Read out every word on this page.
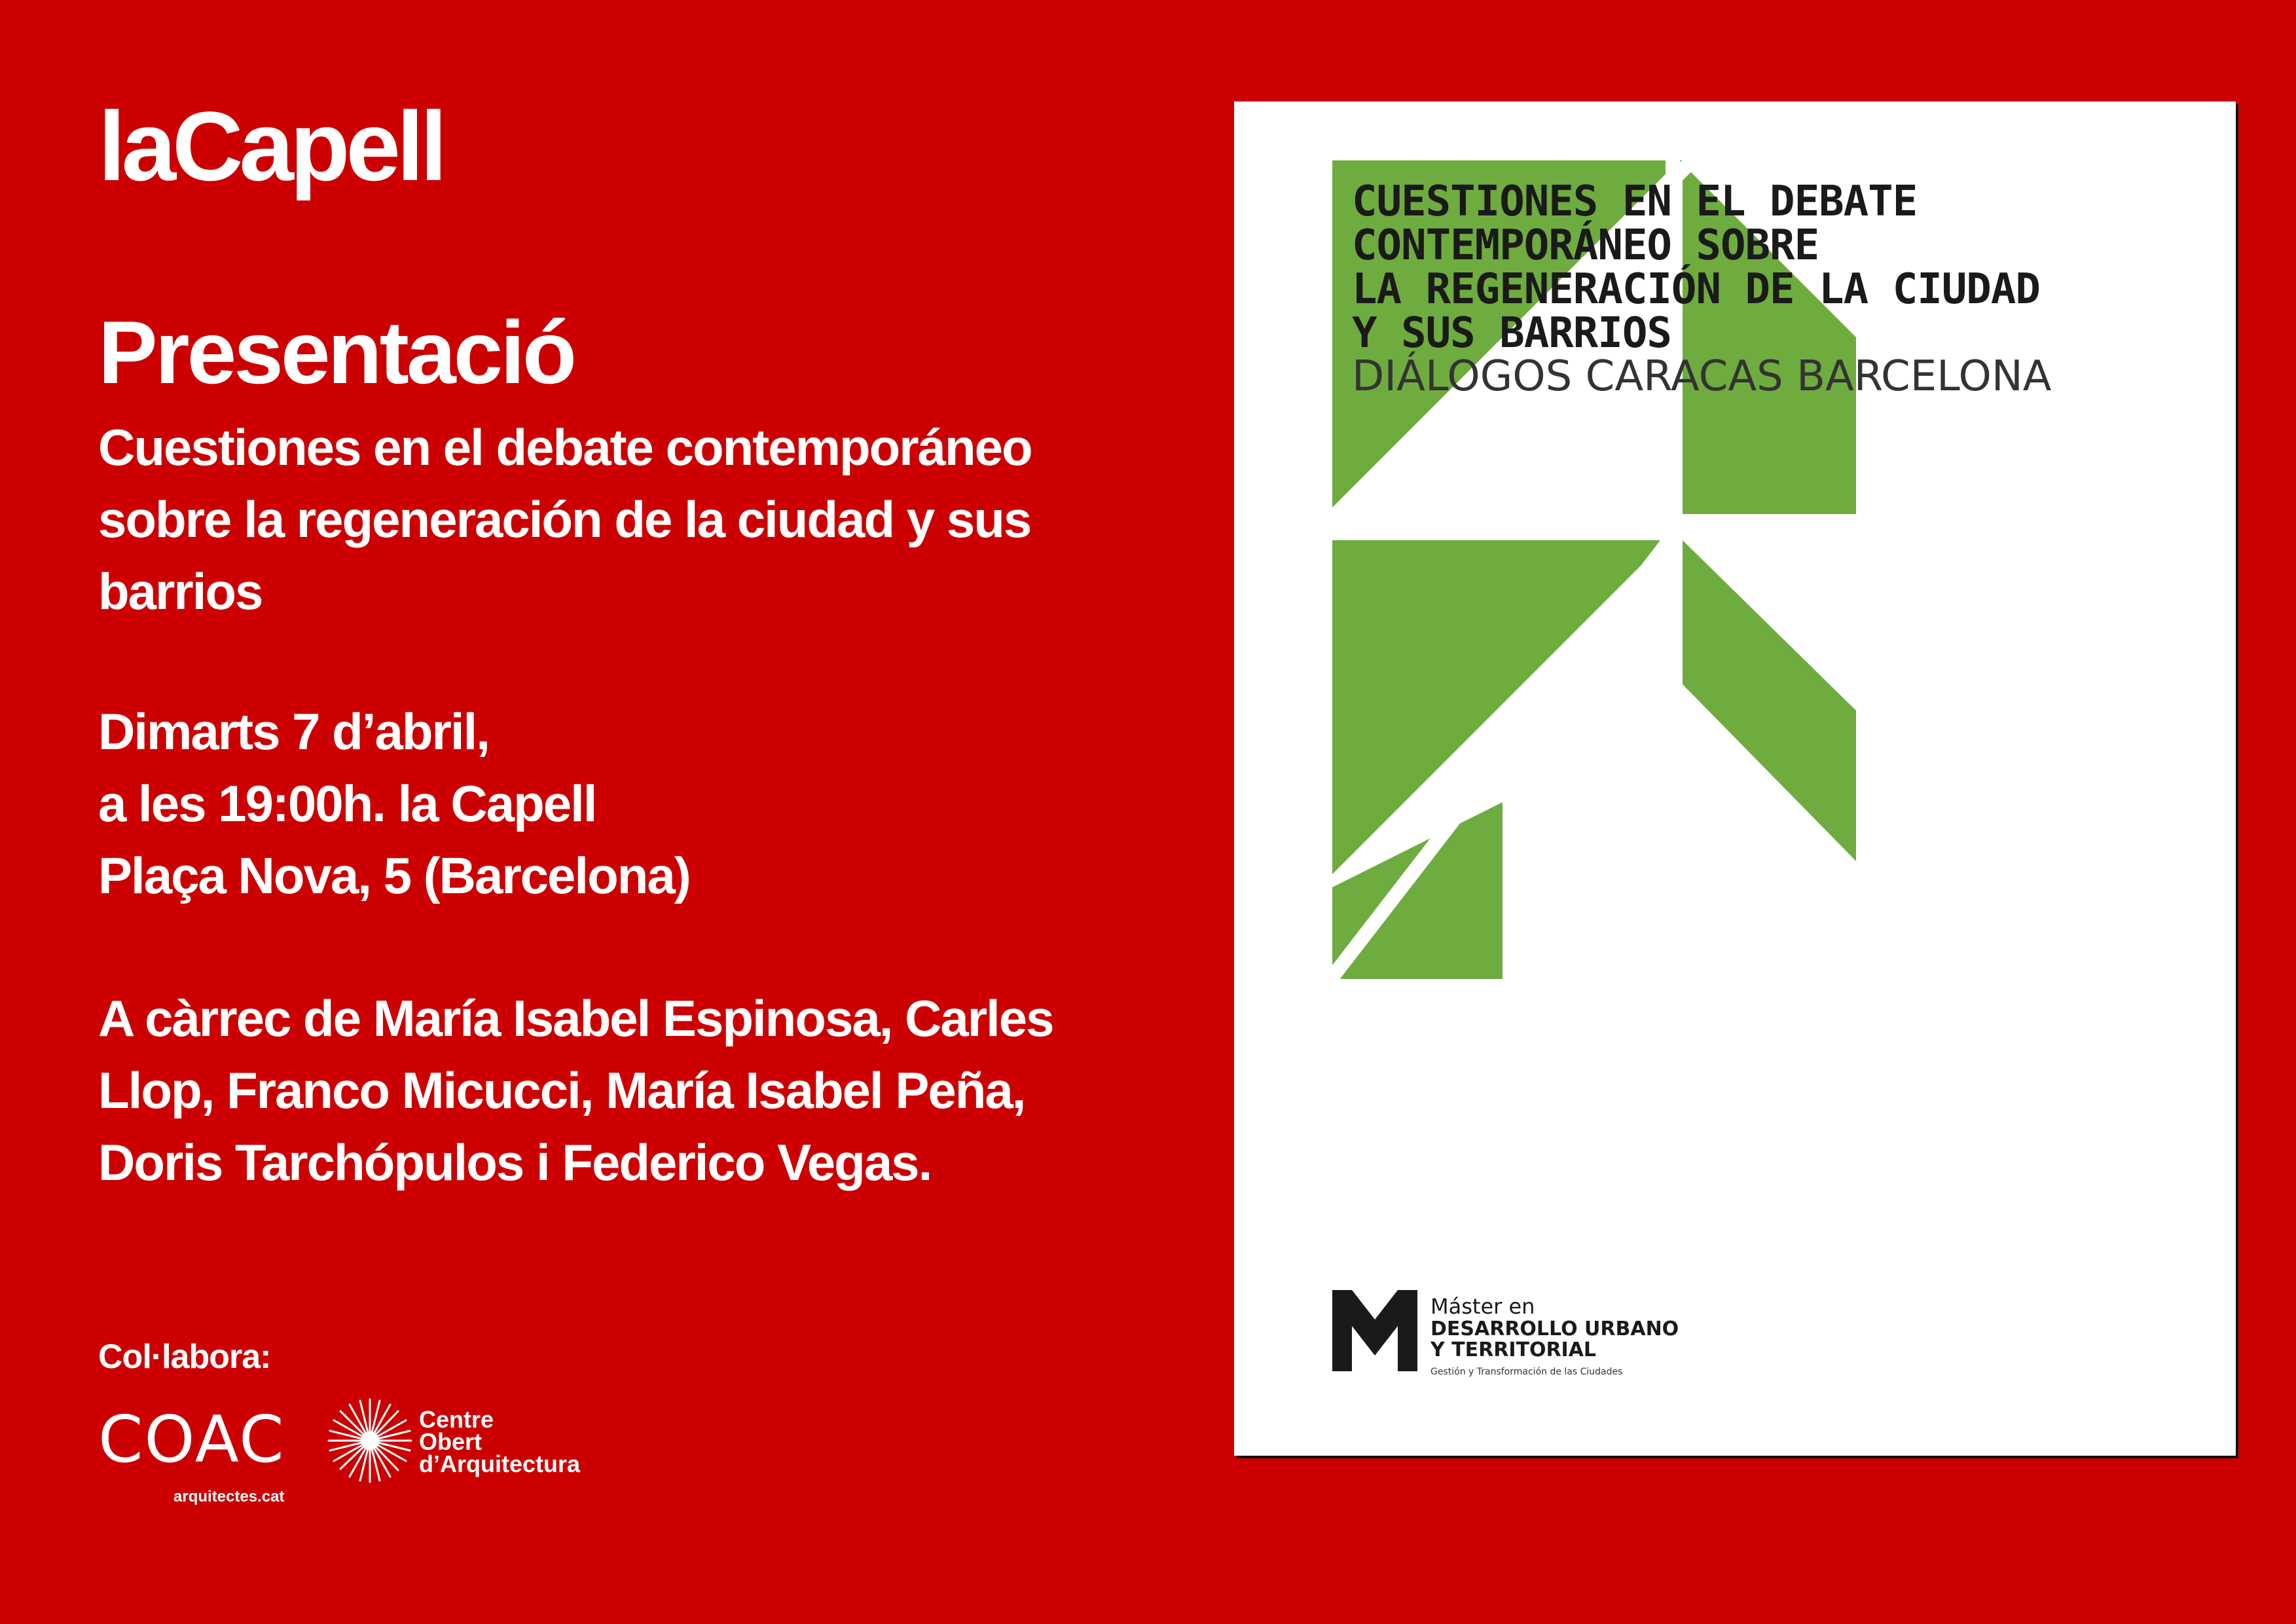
laCapell
Presentació
Cuestiones en el debate contemporáneo
sobre la regeneración de la ciudad y sus
barrios
Dimarts 7 d’abril,
a les 19:00h. la Capell
Plaça Nova, 5 (Barcelona)
A càrrec de María Isabel Espinosa, Carles
Llop, Franco Micucci, María Isabel Peña,
Doris Tarchópulos i Federico Vegas.
Col·labora:
COAC
arquitectes.cat
Centre
Obert
d’Arquitectura
CUESTIONES EN EL DEBATE
CONTEMPORÁNEO SOBRE
LA REGENERACIÓN DE LA CIUDAD
Y SUS BARRIOS
DIÁLOGOS CARACAS BARCELONA
Máster en
DESARROLLO URBANO
Y TERRITORIAL
Gestión y Transformación de las Ciudades
